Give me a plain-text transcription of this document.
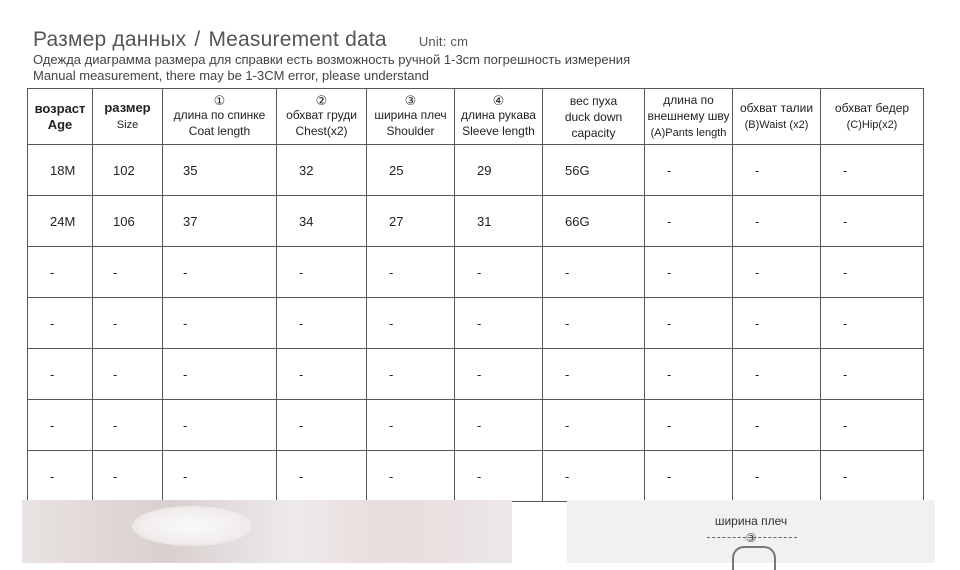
Размер данных / Measurement data Unit: cm
Одежда диаграмма размера для справки есть возможность ручной 1-3cm погрешность измерения
Manual measurement, there may be 1-3CM error, please understand
возраст
Age	размер
Size	①
длина по спинке
Coat length	②
обхват груди
Chest(x2)	③
ширина плеч
Shoulder	④
длина рукава
Sleeve length	вес пуха
duck down
capacity	длина по
внешнему шву
(A)Pants length	обхват талии
(B)Waist (x2)	обхват бедер
(C)Hip(x2)
18M	102	35	32	25	29	56G	-	-	-
24M	106	37	34	27	31	66G	-	-	-
-	-	-	-	-	-	-	-	-	-
-	-	-	-	-	-	-	-	-	-
-	-	-	-	-	-	-	-	-	-
-	-	-	-	-	-	-	-	-	-
-	-	-	-	-	-	-	-	-	-
ширина плеч
③
